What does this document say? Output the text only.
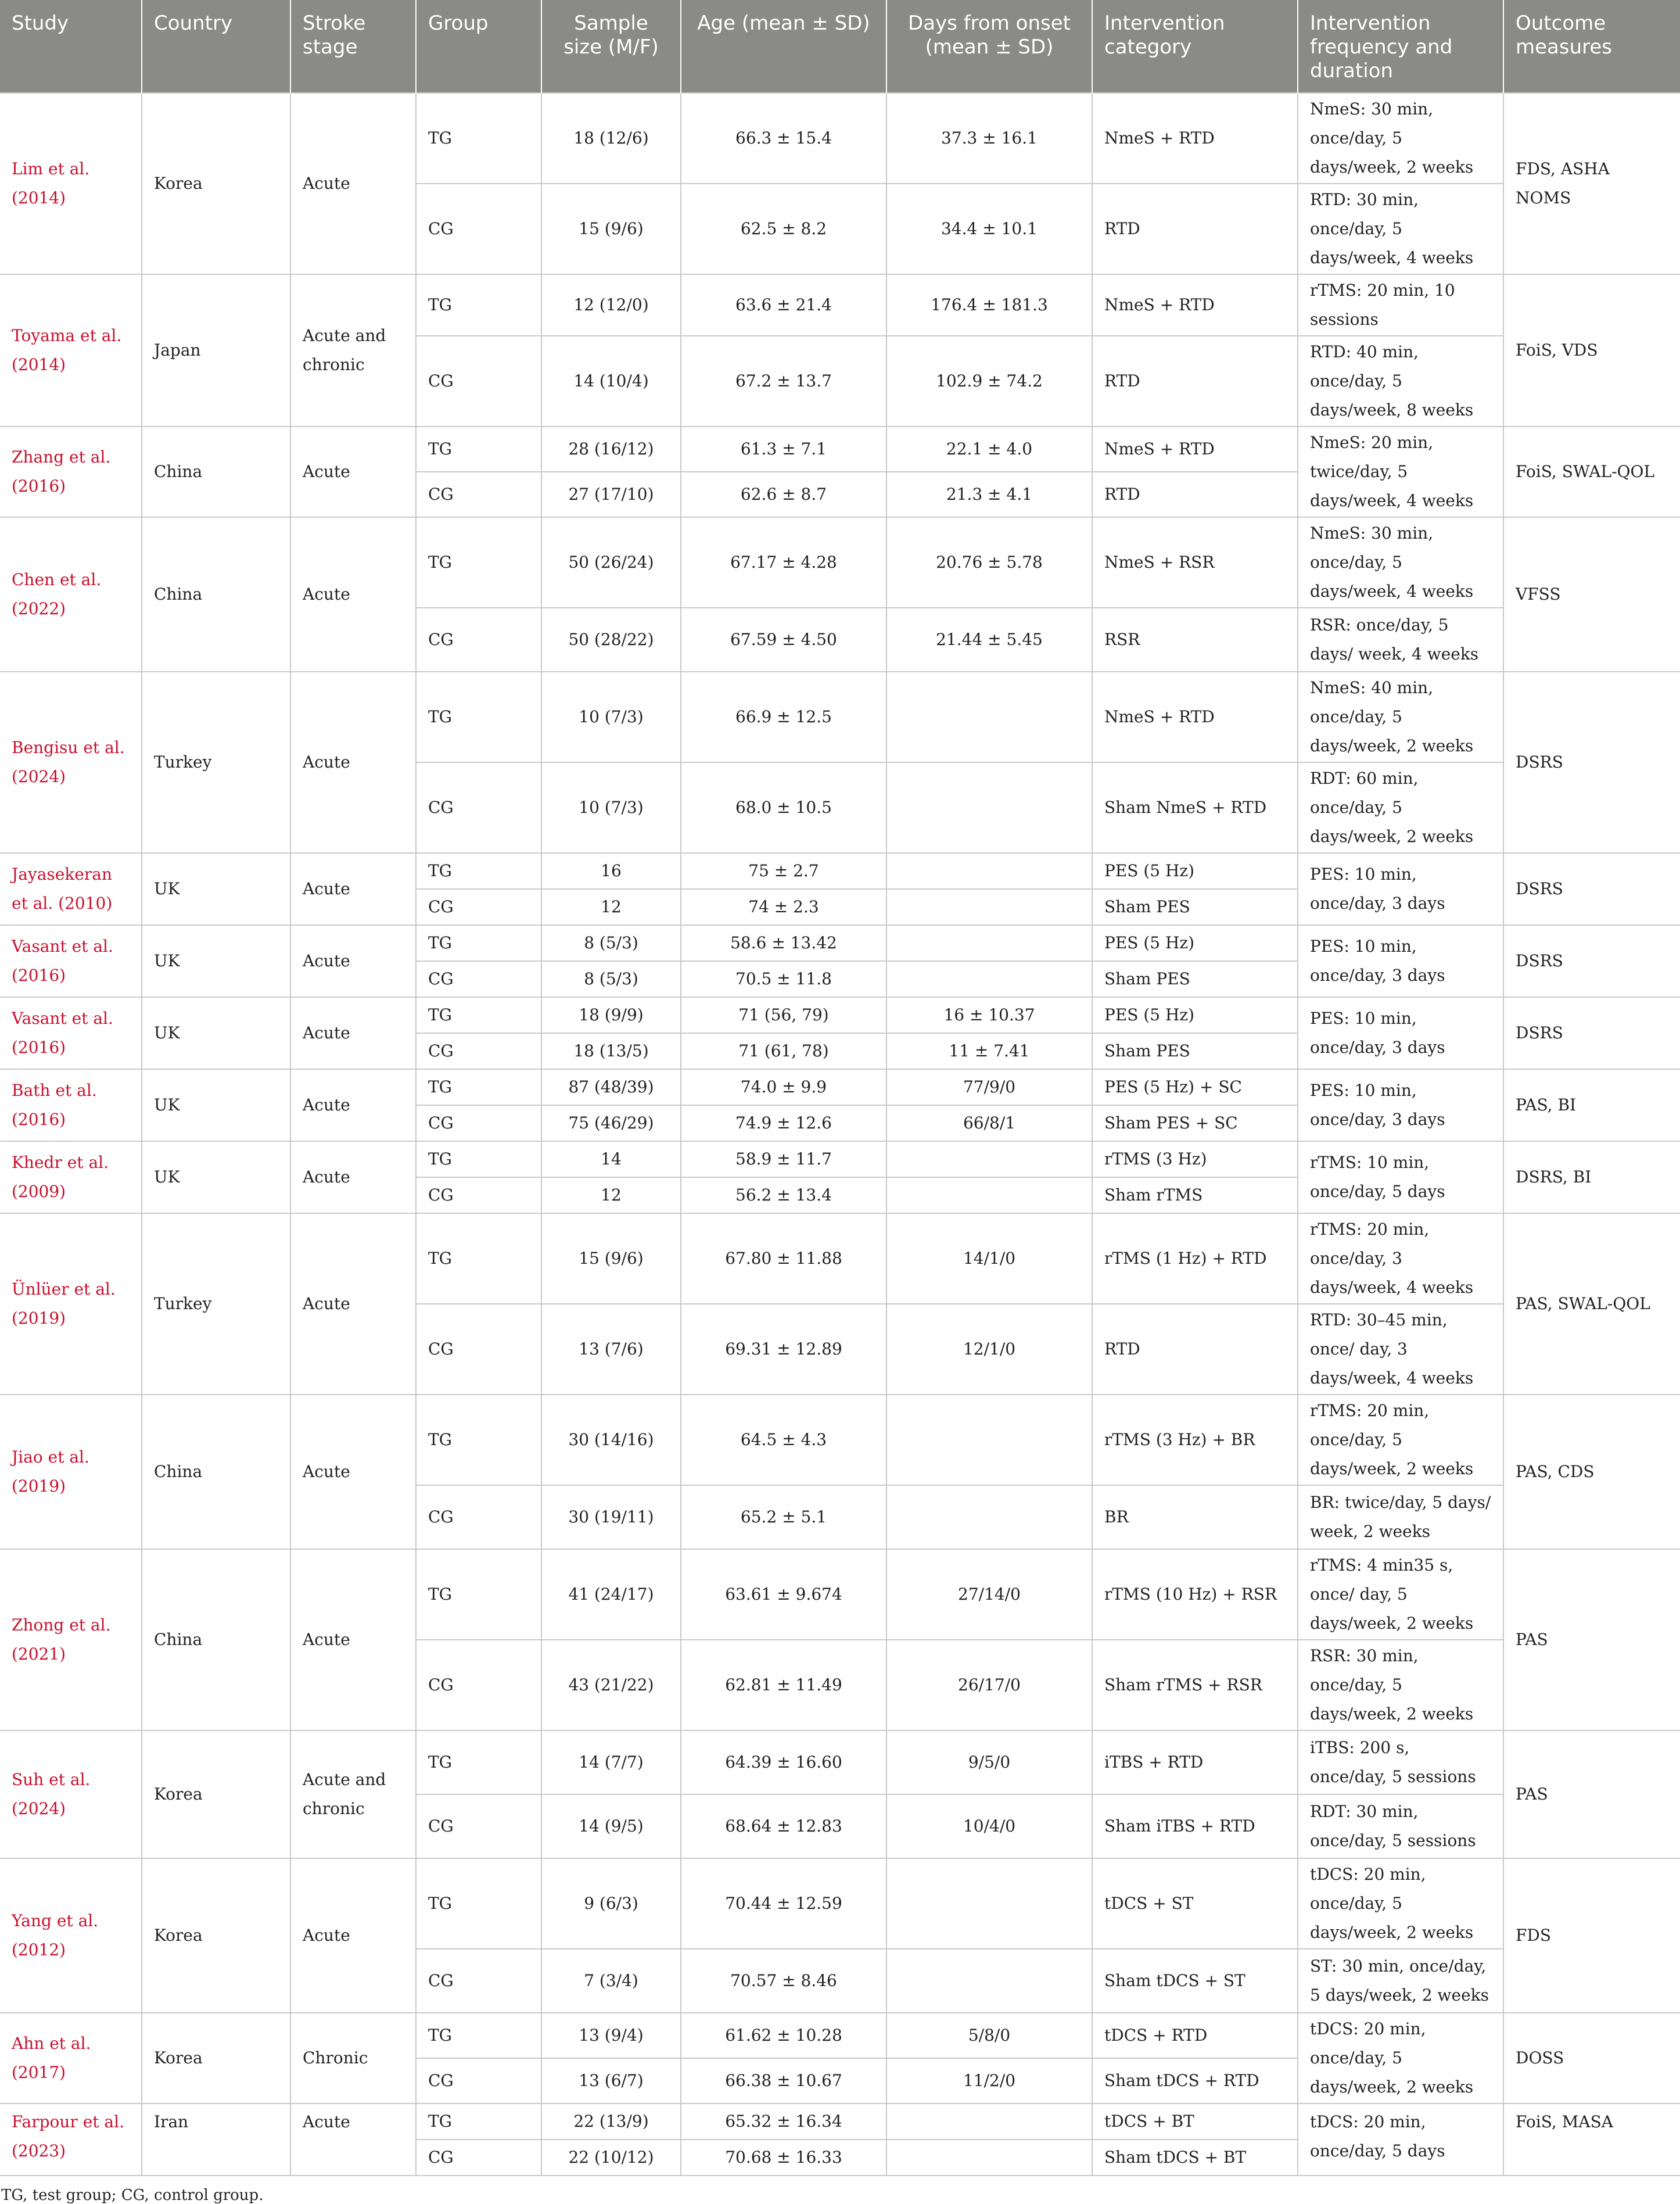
Study	Country	Stroke stage	Group	Sample size (M/F)	Age (mean ± SD)	Days from onset (mean ± SD)	Intervention category	Intervention frequency and duration	Outcome measures
Lim et al. (2014)	Korea	Acute	TG	18 (12/6)	66.3 ± 15.4	37.3 ± 16.1	NmeS + RTD	NmeS: 30 min, once/day, 5 days/week, 2 weeks	FDS, ASHA NOMS
			CG	15 (9/6)	62.5 ± 8.2	34.4 ± 10.1	RTD	RTD: 30 min, once/day, 5 days/week, 4 weeks	
Toyama et al. (2014)	Japan	Acute and chronic	TG	12 (12/0)	63.6 ± 21.4	176.4 ± 181.3	NmeS + RTD	rTMS: 20 min, 10 sessions	FoiS, VDS
			CG	14 (10/4)	67.2 ± 13.7	102.9 ± 74.2	RTD	RTD: 40 min, once/day, 5 days/week, 8 weeks	
Zhang et al. (2016)	China	Acute	TG	28 (16/12)	61.3 ± 7.1	22.1 ± 4.0	NmeS + RTD	NmeS: 20 min, twice/day, 5 days/week, 4 weeks	FoiS, SWAL-QOL
			CG	27 (17/10)	62.6 ± 8.7	21.3 ± 4.1	RTD		
Chen et al. (2022)	China	Acute	TG	50 (26/24)	67.17 ± 4.28	20.76 ± 5.78	NmeS + RSR	NmeS: 30 min, once/day, 5 days/week, 4 weeks	VFSS
			CG	50 (28/22)	67.59 ± 4.50	21.44 ± 5.45	RSR	RSR: once/day, 5 days/ week, 4 weeks	
Bengisu et al. (2024)	Turkey	Acute	TG	10 (7/3)	66.9 ± 12.5		NmeS + RTD	NmeS: 40 min, once/day, 5 days/week, 2 weeks	DSRS
			CG	10 (7/3)	68.0 ± 10.5		Sham NmeS + RTD	RDT: 60 min, once/day, 5 days/week, 2 weeks	
Jayasekeran et al. (2010)	UK	Acute	TG	16	75 ± 2.7		PES (5 Hz)	PES: 10 min, once/day, 3 days	DSRS
			CG	12	74 ± 2.3		Sham PES		
Vasant et al. (2016)	UK	Acute	TG	8 (5/3)	58.6 ± 13.42		PES (5 Hz)	PES: 10 min, once/day, 3 days	DSRS
			CG	8 (5/3)	70.5 ± 11.8		Sham PES		
Vasant et al. (2016)	UK	Acute	TG	18 (9/9)	71 (56, 79)	16 ± 10.37	PES (5 Hz)	PES: 10 min, once/day, 3 days	DSRS
			CG	18 (13/5)	71 (61, 78)	11 ± 7.41	Sham PES		
Bath et al. (2016)	UK	Acute	TG	87 (48/39)	74.0 ± 9.9	77/9/0	PES (5 Hz) + SC	PES: 10 min, once/day, 3 days	PAS, BI
			CG	75 (46/29)	74.9 ± 12.6	66/8/1	Sham PES + SC		
Khedr et al. (2009)	UK	Acute	TG	14	58.9 ± 11.7		rTMS (3 Hz)	rTMS: 10 min, once/day, 5 days	DSRS, BI
			CG	12	56.2 ± 13.4		Sham rTMS		
Ünlüer et al. (2019)	Turkey	Acute	TG	15 (9/6)	67.80 ± 11.88	14/1/0	rTMS (1 Hz) + RTD	rTMS: 20 min, once/day, 3 days/week, 4 weeks	PAS, SWAL-QOL
			CG	13 (7/6)	69.31 ± 12.89	12/1/0	RTD	RTD: 30–45 min, once/ day, 3 days/week, 4 weeks	
Jiao et al. (2019)	China	Acute	TG	30 (14/16)	64.5 ± 4.3		rTMS (3 Hz) + BR	rTMS: 20 min, once/day, 5 days/week, 2 weeks	PAS, CDS
			CG	30 (19/11)	65.2 ± 5.1		BR	BR: twice/day, 5 days/ week, 2 weeks	
Zhong et al. (2021)	China	Acute	TG	41 (24/17)	63.61 ± 9.674	27/14/0	rTMS (10 Hz) + RSR	rTMS: 4 min35 s, once/ day, 5 days/week, 2 weeks	PAS
			CG	43 (21/22)	62.81 ± 11.49	26/17/0	Sham rTMS + RSR	RSR: 30 min, once/day, 5 days/week, 2 weeks	
Suh et al. (2024)	Korea	Acute and chronic	TG	14 (7/7)	64.39 ± 16.60	9/5/0	iTBS + RTD	iTBS: 200 s, once/day, 5 sessions	PAS
			CG	14 (9/5)	68.64 ± 12.83	10/4/0	Sham iTBS + RTD	RDT: 30 min, once/day, 5 sessions	
Yang et al. (2012)	Korea	Acute	TG	9 (6/3)	70.44 ± 12.59		tDCS + ST	tDCS: 20 min, once/day, 5 days/week, 2 weeks	FDS
			CG	7 (3/4)	70.57 ± 8.46		Sham tDCS + ST	ST: 30 min, once/day, 5 days/week, 2 weeks	
Ahn et al. (2017)	Korea	Chronic	TG	13 (9/4)	61.62 ± 10.28	5/8/0	tDCS + RTD	tDCS: 20 min, once/day, 5 days/week, 2 weeks	DOSS
			CG	13 (6/7)	66.38 ± 10.67	11/2/0	Sham tDCS + RTD		
Farpour et al. (2023)	Iran	Acute	TG	22 (13/9)	65.32 ± 16.34		tDCS + BT	tDCS: 20 min, once/day, 5 days	FoiS, MASA
			CG	22 (10/12)	70.68 ± 16.33		Sham tDCS + BT		
TG, test group; CG, control group.
